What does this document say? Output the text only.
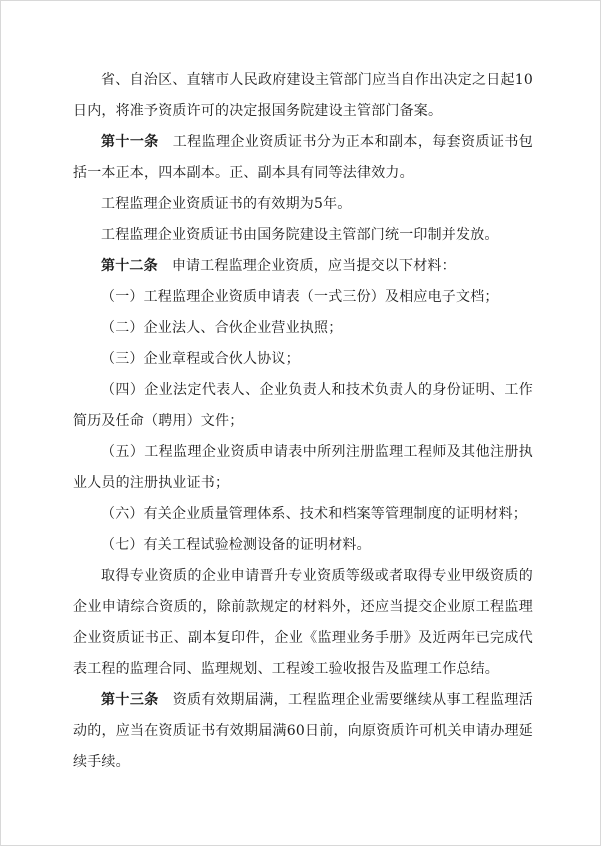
省、自治区、直辖市人民政府建设主管部门应当自作出决定之日起10日内，将准予资质许可的决定报国务院建设主管部门备案。

第十一条 工程监理企业资质证书分为正本和副本，每套资质证书包括一本正本，四本副本。正、副本具有同等法律效力。

工程监理企业资质证书的有效期为5年。

工程监理企业资质证书由国务院建设主管部门统一印制并发放。

第十二条 申请工程监理企业资质，应当提交以下材料：

（一）工程监理企业资质申请表（一式三份）及相应电子文档；

（二）企业法人、合伙企业营业执照；

（三）企业章程或合伙人协议；

（四）企业法定代表人、企业负责人和技术负责人的身份证明、工作简历及任命（聘用）文件；

（五）工程监理企业资质申请表中所列注册监理工程师及其他注册执业人员的注册执业证书；

（六）有关企业质量管理体系、技术和档案等管理制度的证明材料；

（七）有关工程试验检测设备的证明材料。

取得专业资质的企业申请晋升专业资质等级或者取得专业甲级资质的企业申请综合资质的，除前款规定的材料外，还应当提交企业原工程监理企业资质证书正、副本复印件，企业《监理业务手册》及近两年已完成代表工程的监理合同、监理规划、工程竣工验收报告及监理工作总结。

第十三条 资质有效期届满，工程监理企业需要继续从事工程监理活动的，应当在资质证书有效期届满60日前，向原资质许可机关申请办理延续手续。
